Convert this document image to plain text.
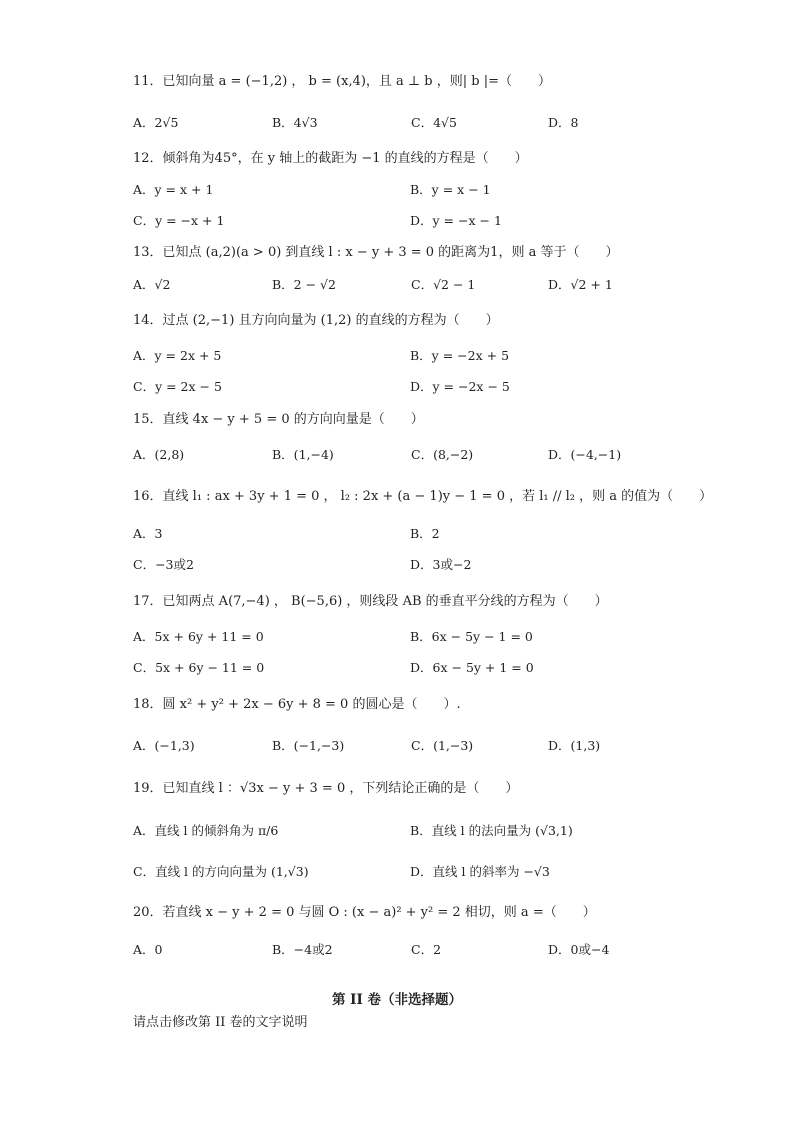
11．已知向量 a = (−1,2) ， b = (x,4)，且 a ⊥ b ，则| b |=（　　）
A．2√5	B．4√3	C．4√5	D．8
12．倾斜角为45°，在 y 轴上的截距为 −1 的直线的方程是（　　）
A．y = x + 1	B．y = x − 1
C．y = −x + 1	D．y = −x − 1
13．已知点 (a,2)(a > 0) 到直线 l : x − y + 3 = 0 的距离为1，则 a 等于（　　）
A．√2	B．2 − √2	C．√2 − 1	D．√2 + 1
14．过点 (2,−1) 且方向向量为 (1,2) 的直线的方程为（　　）
A．y = 2x + 5	B．y = −2x + 5
C．y = 2x − 5	D．y = −2x − 5
15．直线 4x − y + 5 = 0 的方向向量是（　　）
A．(2,8)	B．(1,−4)	C．(8,−2)	D．(−4,−1)
16．直线 l₁ : ax + 3y + 1 = 0 ， l₂ : 2x + (a − 1)y − 1 = 0 ，若 l₁ // l₂ ，则 a 的值为（　　）
A．3	B．2
C．−3或2	D．3或−2
17．已知两点 A(7,−4) ， B(−5,6) ，则线段 AB 的垂直平分线的方程为（　　）
A．5x + 6y + 11 = 0	B．6x − 5y − 1 = 0
C．5x + 6y − 11 = 0	D．6x − 5y + 1 = 0
18．圆 x² + y² + 2x − 6y + 8 = 0 的圆心是（　　）.
A．(−1,3)	B．(−1,−3)	C．(1,−3)	D．(1,3)
19．已知直线 l ：√3x − y + 3 = 0 ，下列结论正确的是（　　）
A．直线 l 的倾斜角为 π/6	B．直线 l 的法向量为 (√3,1)
C．直线 l 的方向向量为 (1,√3)	D．直线 l 的斜率为 −√3
20．若直线 x − y + 2 = 0 与圆 O : (x − a)² + y² = 2 相切，则 a =（　　）
A．0	B．−4或2	C．2	D．0或−4
第 II 卷（非选择题）
请点击修改第 II 卷的文字说明
